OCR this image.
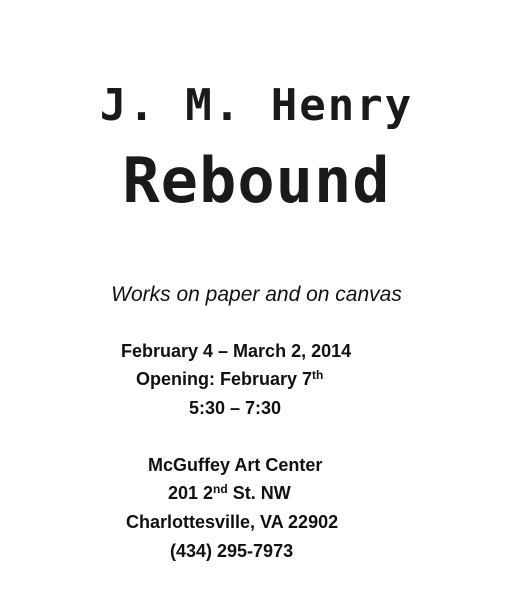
J. M. Henry
Rebound
Works on paper and on canvas
February 4 – March 2, 2014
Opening: February 7th
5:30 – 7:30
McGuffey Art Center
201 2nd St. NW
Charlottesville, VA 22902
(434) 295-7973
